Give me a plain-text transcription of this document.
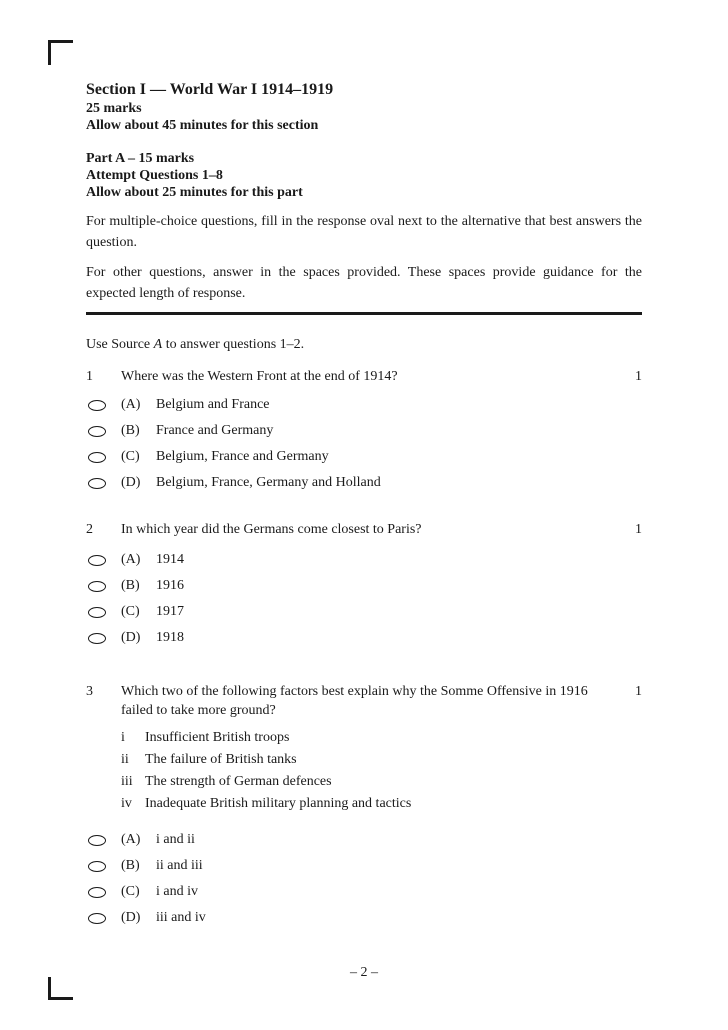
Section I — World War I 1914–1919
25 marks
Allow about 45 minutes for this section
Part A – 15 marks
Attempt Questions 1–8
Allow about 25 minutes for this part

For multiple-choice questions, fill in the response oval next to the alternative that best answers the question.

For other questions, answer in the spaces provided. These spaces provide guidance for the expected length of response.

Use Source A to answer questions 1–2.
1	Where was the Western Front at the end of 1914?	1
(A)	Belgium and France
(B)	France and Germany
(C)	Belgium, France and Germany
(D)	Belgium, France, Germany and Holland
2	In which year did the Germans come closest to Paris?	1
(A)	1914
(B)	1916
(C)	1917
(D)	1918
3	Which two of the following factors best explain why the Somme Offensive in 1916 failed to take more ground?
1
i	Insufficient British troops
ii	The failure of British tanks
iii The strength of German defences
iv Inadequate British military planning and tactics
(A)	i and ii
(B)	ii and iii
(C)	i and iv
(D)	iii and iv
– 2 –
